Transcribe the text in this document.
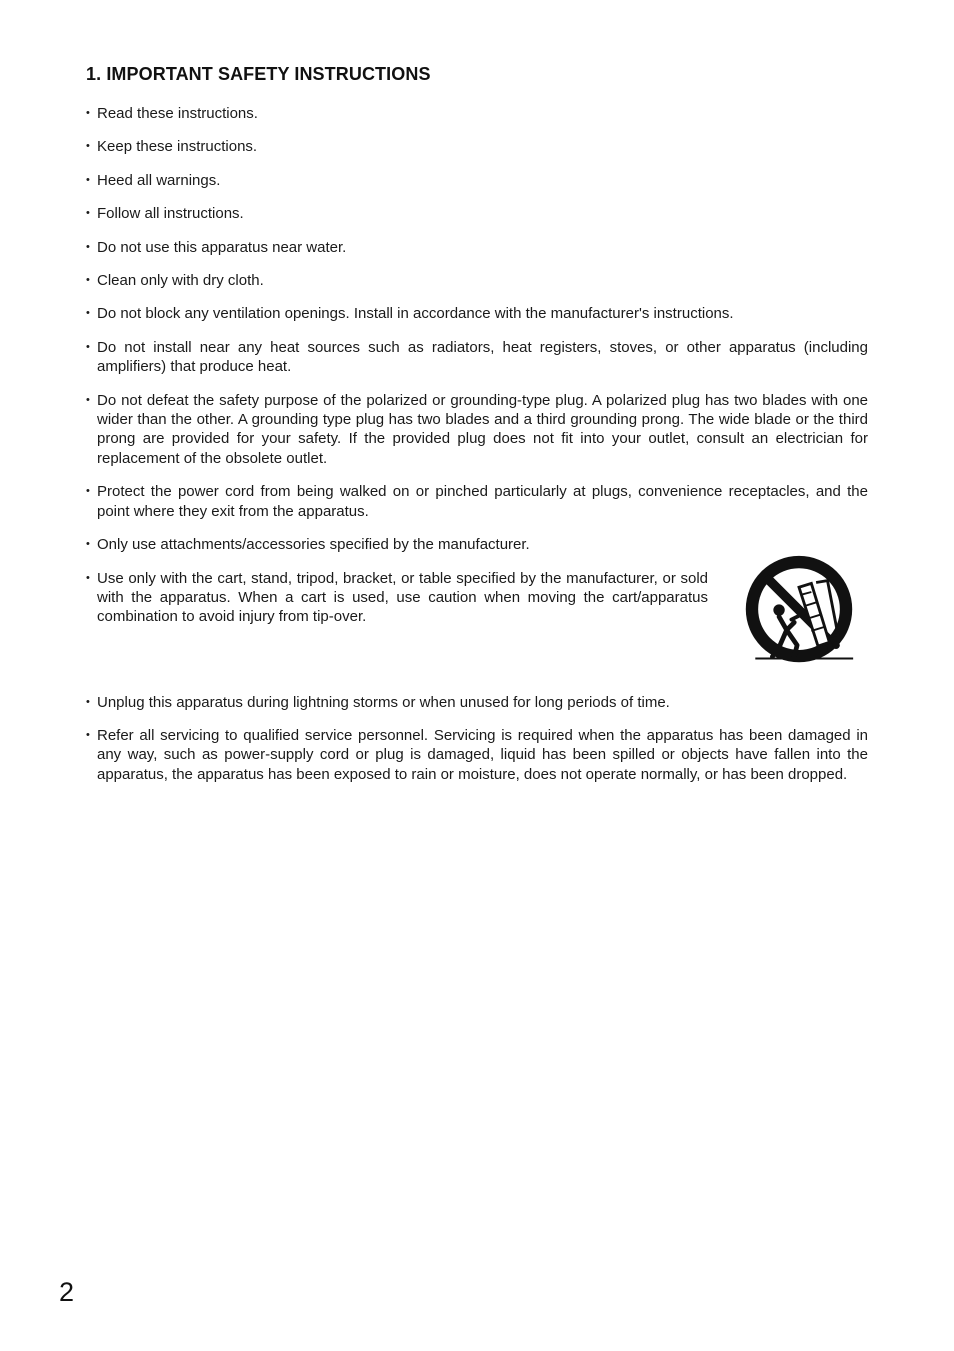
1. IMPORTANT SAFETY INSTRUCTIONS
• Read these instructions.
• Keep these instructions.
• Heed all warnings.
• Follow all instructions.
• Do not use this apparatus near water.
• Clean only with dry cloth.
• Do not block any ventilation openings. Install in accordance with the manufacturer's instructions.
• Do not install near any heat sources such as radiators, heat registers, stoves, or other apparatus (including amplifiers) that produce heat.
• Do not defeat the safety purpose of the polarized or grounding-type plug. A polarized plug has two blades with one wider than the other. A grounding type plug has two blades and a third grounding prong. The wide blade or the third prong are provided for your safety. If the provided plug does not fit into your outlet, consult an electrician for replacement of the obsolete outlet.
• Protect the power cord from being walked on or pinched particularly at plugs, convenience receptacles, and the point where they exit from the apparatus.
• Only use attachments/accessories specified by the manufacturer.
• Use only with the cart, stand, tripod, bracket, or table specified by the manufacturer, or sold with the apparatus. When a cart is used, use caution when moving the cart/apparatus combination to avoid injury from tip-over.
• Unplug this apparatus during lightning storms or when unused for long periods of time.
• Refer all servicing to qualified service personnel. Servicing is required when the apparatus has been damaged in any way, such as power-supply cord or plug is damaged, liquid has been spilled or objects have fallen into the apparatus, the apparatus has been exposed to rain or moisture, does not operate normally, or has been dropped.
2
